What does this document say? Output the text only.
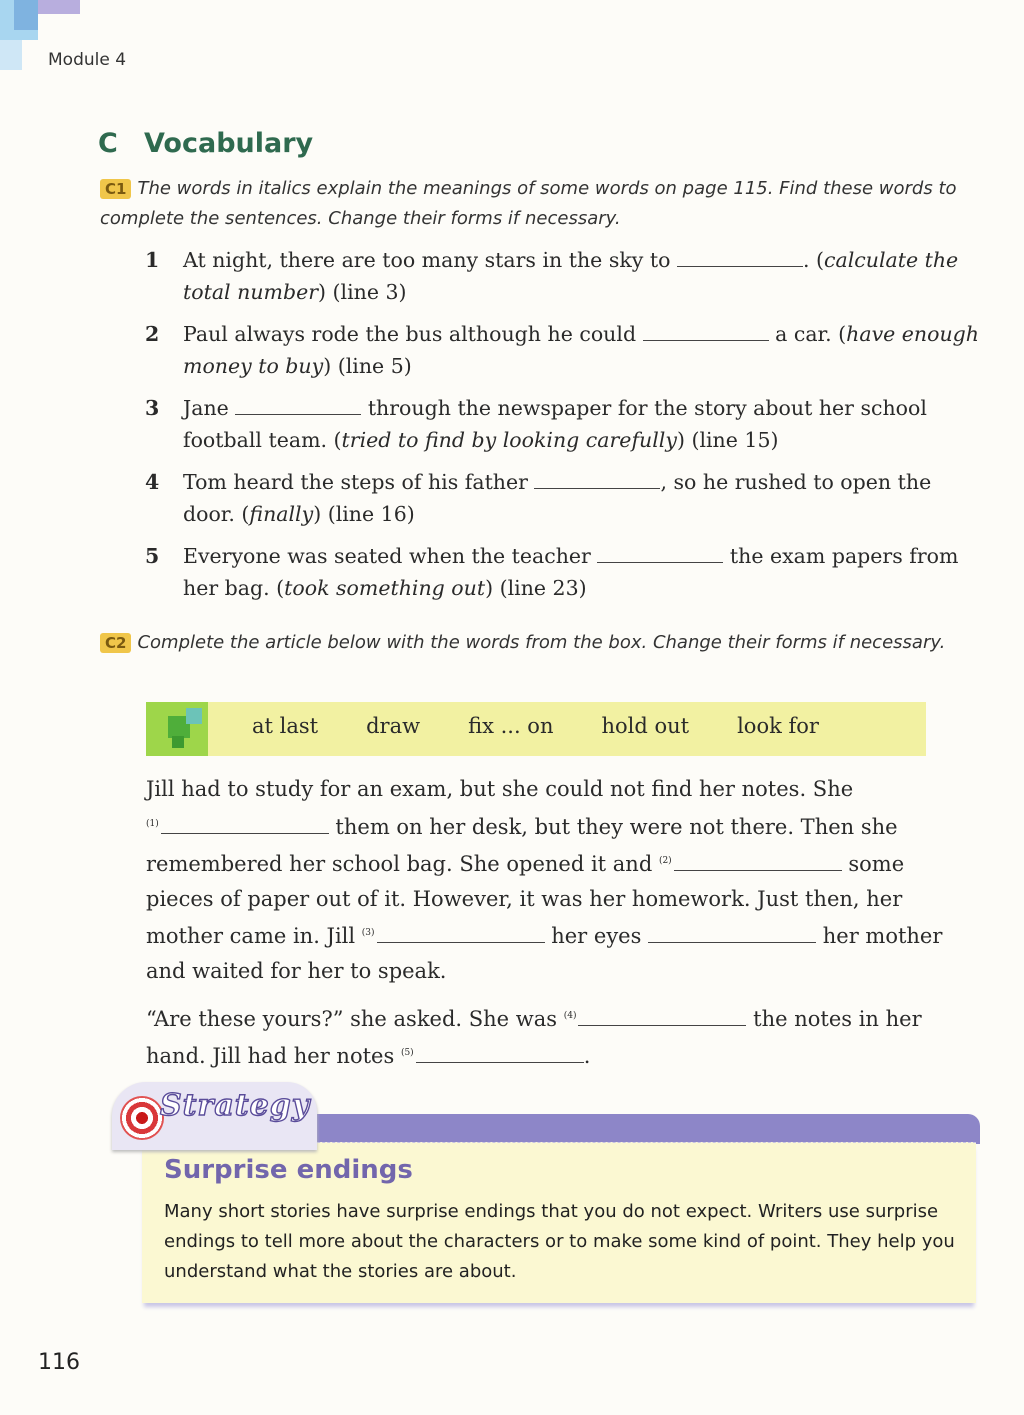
Module 4
C Vocabulary
C1 The words in italics explain the meanings of some words on page 115. Find these words to complete the sentences. Change their forms if necessary.
1 At night, there are too many stars in the sky to	. (calculate the total number) (line 3)
2 Paul always rode the bus although he could	a car. (have enough money to buy) (line 5)
3 Jane	through the newspaper for the story about her school football team. (tried to find by looking carefully) (line 15)
4 Tom heard the steps of his father	, so he rushed to open the door. (finally) (line 16)
5 Everyone was seated when the teacher	the exam papers from her bag. (took something out) (line 23)
C2 Complete the article below with the words from the box. Change their forms if necessary.
at last draw fix ... on hold out look for

Jill had to study for an exam, but she could not find her notes. She
$^{(1)}$	them on her desk, but they were not there. Then she remembered her school bag. She opened it and $^{(2)}$	some pieces of paper out of it. However, it was her homework. Just then, her mother came in. Jill $^{(3)}$	her eyes	her mother and waited for her to speak.

“Are these yours?” she asked. She was $^{(4)}$	the notes in her hand. Jill had her notes $^{(5)}$	.

Surprise endings
Many short stories have surprise endings that you do not expect. Writers use surprise endings to tell more about the characters or to make some kind of point. They help you understand what the stories are about.
Strategy
116
